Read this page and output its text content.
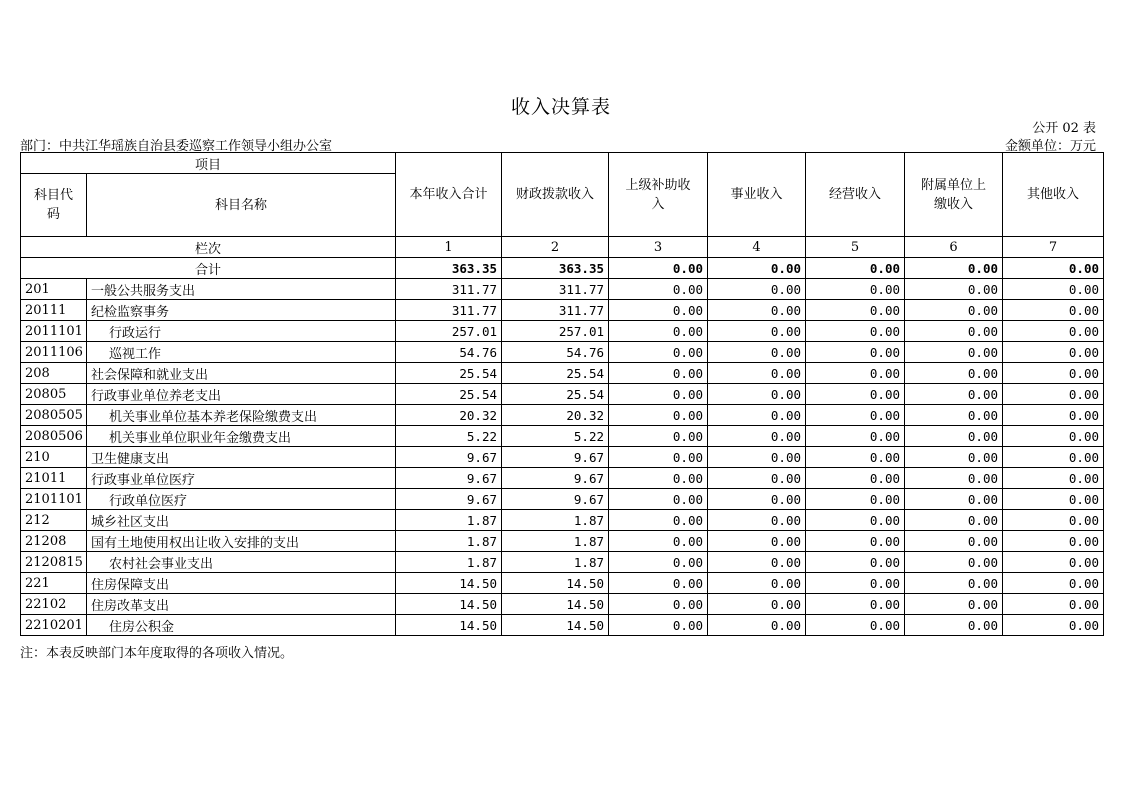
收入决算表
公开 02 表
部门：中共江华瑶族自治县委巡察工作领导小组办公室	金额单位：万元
项目		本年收入合计	财政拨款收入	上级补助收入	事业收入	经营收入	附属单位上缴收入	其他收入
科目代码	科目名称							
栏次		1	2	3	4	5	6	7
合计		363.35	363.35	0.00	0.00	0.00	0.00	0.00
201	一般公共服务支出	311.77	311.77	0.00	0.00	0.00	0.00	0.00
20111	纪检监察事务	311.77	311.77	0.00	0.00	0.00	0.00	0.00
2011101	行政运行	257.01	257.01	0.00	0.00	0.00	0.00	0.00
2011106	巡视工作	54.76	54.76	0.00	0.00	0.00	0.00	0.00
208	社会保障和就业支出	25.54	25.54	0.00	0.00	0.00	0.00	0.00
20805	行政事业单位养老支出	25.54	25.54	0.00	0.00	0.00	0.00	0.00
2080505	机关事业单位基本养老保险缴费支出	20.32	20.32	0.00	0.00	0.00	0.00	0.00
2080506	机关事业单位职业年金缴费支出	5.22	5.22	0.00	0.00	0.00	0.00	0.00
210	卫生健康支出	9.67	9.67	0.00	0.00	0.00	0.00	0.00
21011	行政事业单位医疗	9.67	9.67	0.00	0.00	0.00	0.00	0.00
2101101	行政单位医疗	9.67	9.67	0.00	0.00	0.00	0.00	0.00
212	城乡社区支出	1.87	1.87	0.00	0.00	0.00	0.00	0.00
21208	国有土地使用权出让收入安排的支出	1.87	1.87	0.00	0.00	0.00	0.00	0.00
2120815	农村社会事业支出	1.87	1.87	0.00	0.00	0.00	0.00	0.00
221	住房保障支出	14.50	14.50	0.00	0.00	0.00	0.00	0.00
22102	住房改革支出	14.50	14.50	0.00	0.00	0.00	0.00	0.00
2210201	住房公积金	14.50	14.50	0.00	0.00	0.00	0.00	0.00
注：本表反映部门本年度取得的各项收入情况。
